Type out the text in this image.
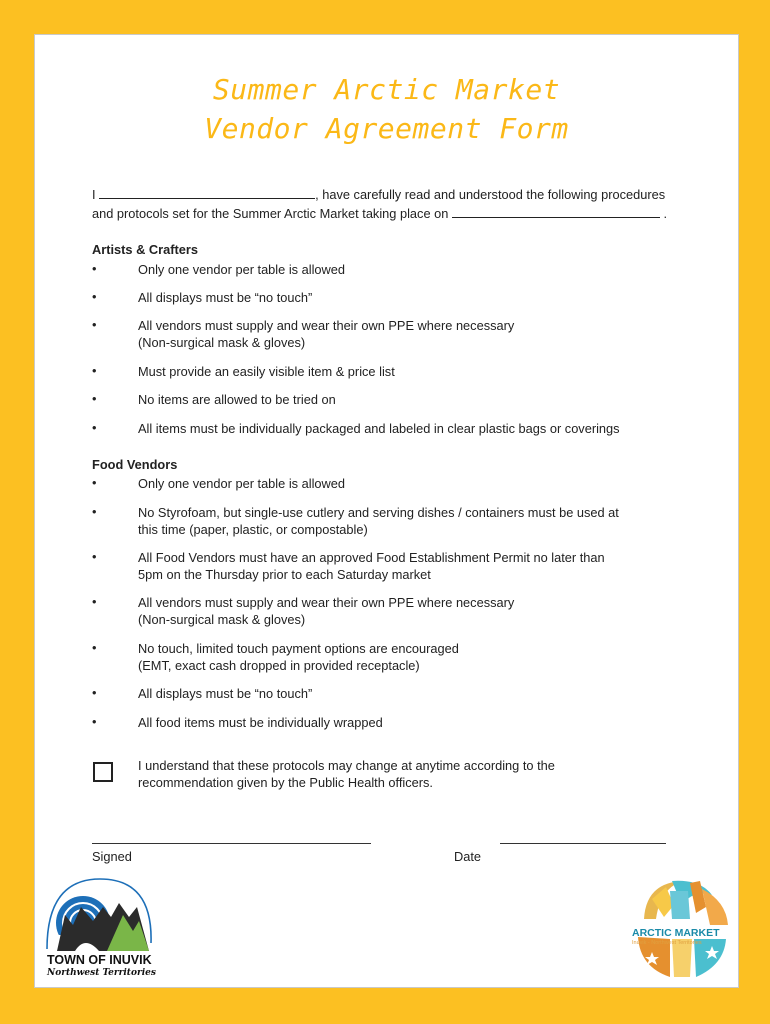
Summer Arctic Market
Vendor Agreement Form
I	, have carefully read and understood the following procedures
and protocols set for the Summer Arctic Market taking place on	.
Artists & Crafters
•	Only one vendor per table is allowed
•	All displays must be “no touch”
•	All vendors must supply and wear their own PPE where necessary
(Non-surgical mask & gloves)
•	Must provide an easily visible item & price list
•	No items are allowed to be tried on
•	All items must be individually packaged and labeled in clear plastic bags or coverings
Food Vendors
•	Only one vendor per table is allowed
•	No Styrofoam, but single-use cutlery and serving dishes / containers must be used at
this time (paper, plastic, or compostable)
•	All Food Vendors must have an approved Food Establishment Permit no later than
5pm on the Thursday prior to each Saturday market
•	All vendors must supply and wear their own PPE where necessary
(Non-surgical mask & gloves)
•	No touch, limited touch payment options are encouraged
(EMT, exact cash dropped in provided receptacle)
•	All displays must be “no touch”
•	All food items must be individually wrapped
I understand that these protocols may change at anytime according to the
recommendation given by the Public Health officers.
Signed	Date
TOWN OF INUVIK
Northwest Territories
ARCTIC MARKET
Inuvik - Northwest Territories
